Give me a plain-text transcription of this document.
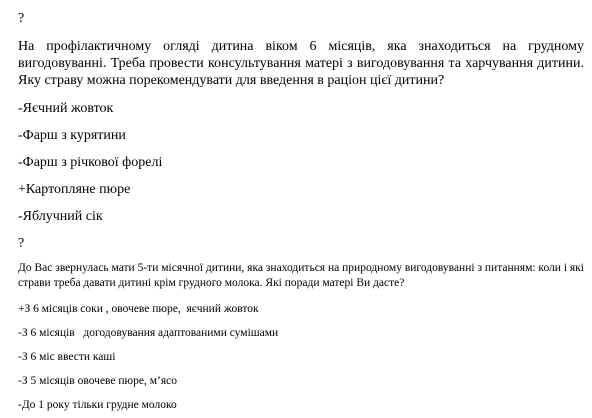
?
На профілактичному огляді дитина віком 6 місяців, яка знаходиться на грудному вигодовуванні. Треба провести консультування матері з вигодовування та харчування дитини. Яку страву можна порекомендувати для введення в раціон цієї дитини?
-Яєчний жовток
-Фарш з курятини
-Фарш з річкової форелі
+Картопляне пюре
-Яблучний сік
?
До Вас звернулась мати 5-ти місячної дитини, яка знаходиться на природному вигодовуванні з питанням: коли і які страви треба давати дитині крім грудного молока. Які поради матері Ви дасте?
+З 6 місяців соки , овочеве пюре,  яєчний жовток
-З 6 місяців   догодовування адаптованими сумішами
-З 6 міс ввести каші
-З 5 місяців овочеве пюре, м’ясо
-До 1 року тільки грудне молоко
